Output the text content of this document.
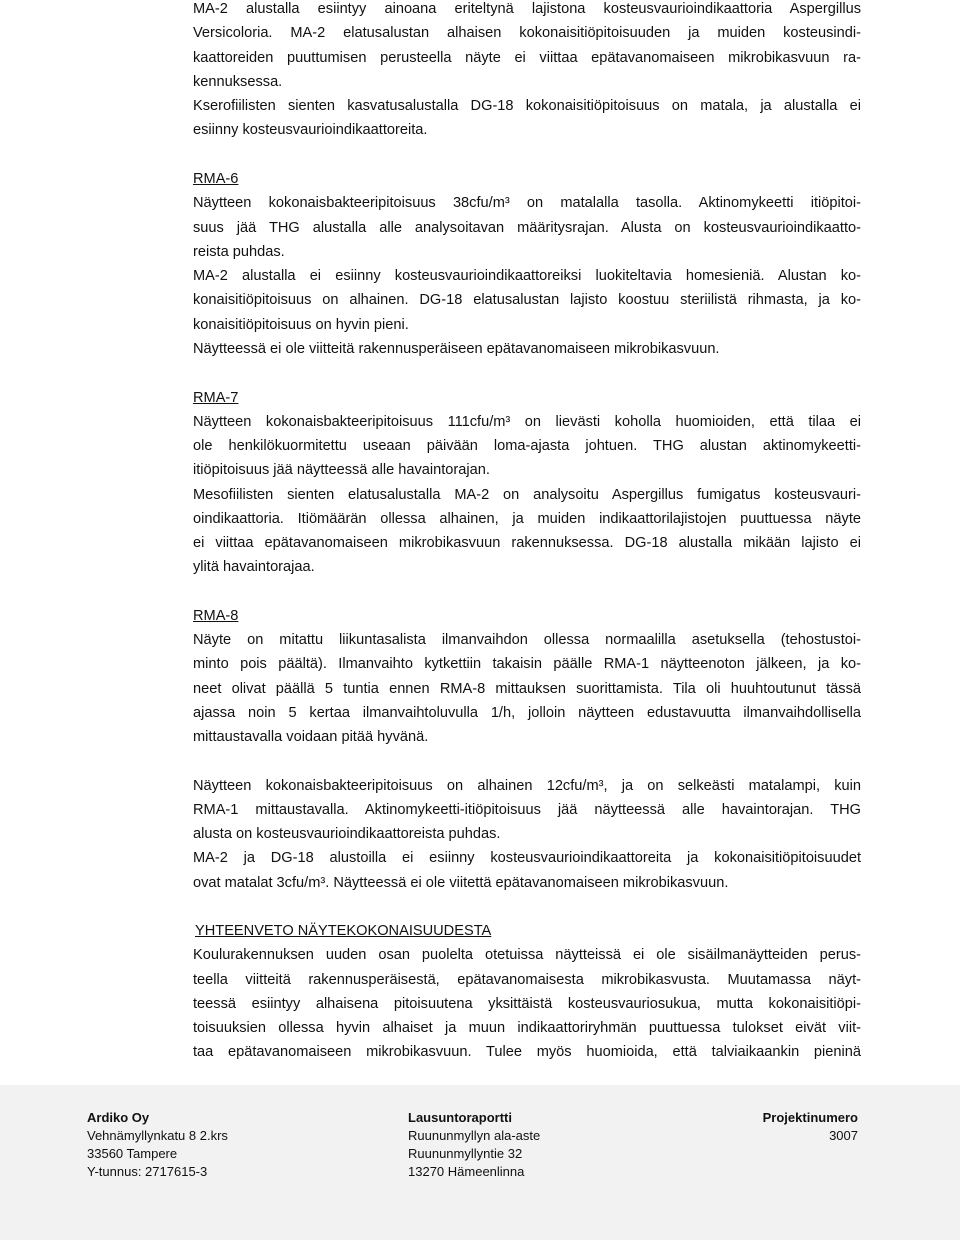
MA-2 alustalla esiintyy ainoana eriteltynä lajistona kosteusvaurioindikaattoria Aspergillus
Versicoloria. MA-2 elatusalustan alhaisen kokonaisitiöpitoisuuden ja muiden kosteusindi-
kaattoreiden puuttumisen perusteella näyte ei viittaa epätavanomaiseen mikrobikasvuun ra-
kennuksessa.
Kserofiilisten sienten kasvatusalustalla DG-18 kokonaisitiöpitoisuus on matala, ja alustalla ei
esiinny kosteusvaurioindikaattoreita.
RMA-6
Näytteen kokonaisbakteeripitoisuus 38cfu/m³ on matalalla tasolla. Aktinomykeetti itiöpitoi-
suus jää THG alustalla alle analysoitavan määritysrajan. Alusta on kosteusvaurioindikaatto-
reista puhdas.
MA-2 alustalla ei esiinny kosteusvaurioindikaattoreiksi luokiteltavia homesieniä. Alustan ko-
konaisitiöpitoisuus on alhainen. DG-18 elatusalustan lajisto koostuu steriilistä rihmasta, ja ko-
konaisitiöpitoisuus on hyvin pieni.
Näytteessä ei ole viitteitä rakennusperäiseen epätavanomaiseen mikrobikasvuun.
RMA-7
Näytteen kokonaisbakteeripitoisuus 111cfu/m³ on lievästi koholla huomioiden, että tilaa ei
ole henkilökuormitettu useaan päivään loma-ajasta johtuen. THG alustan aktinomykeetti-
itiöpitoisuus jää näytteessä alle havaintorajan.
Mesofiilisten sienten elatusalustalla MA-2 on analysoitu Aspergillus fumigatus kosteusvauri-
oindikaattoria. Itiömäärän ollessa alhainen, ja muiden indikaattorilajistojen puuttuessa näyte
ei viittaa epätavanomaiseen mikrobikasvuun rakennuksessa. DG-18 alustalla mikään lajisto ei
ylitä havaintorajaa.
RMA-8
Näyte on mitattu liikuntasalista ilmanvaihdon ollessa normaalilla asetuksella (tehostustoi-
minto pois päältä). Ilmanvaihto kytkettiin takaisin päälle RMA-1 näytteenoton jälkeen, ja ko-
neet olivat päällä 5 tuntia ennen RMA-8 mittauksen suorittamista. Tila oli huuhtoutunut tässä
ajassa noin 5 kertaa ilmanvaihtoluvulla 1/h, jolloin näytteen edustavuutta ilmanvaihdollisella
mittaustavalla voidaan pitää hyvänä.
Näytteen kokonaisbakteeripitoisuus on alhainen 12cfu/m³, ja on selkeästi matalampi, kuin
RMA-1 mittaustavalla. Aktinomykeetti-itiöpitoisuus jää näytteessä alle havaintorajan. THG
alusta on kosteusvaurioindikaattoreista puhdas.
MA-2 ja DG-18 alustoilla ei esiinny kosteusvaurioindikaattoreita ja kokonaisitiöpitoisuudet
ovat matalat 3cfu/m³. Näytteessä ei ole viitettä epätavanomaiseen mikrobikasvuun.
YHTEENVETO NÄYTEKOKONAISUUDESTA
Koulurakennuksen uuden osan puolelta otetuissa näytteissä ei ole sisäilmanäytteiden perus-
teella viitteitä rakennusperäisestä, epätavanomaisesta mikrobikasvusta. Muutamassa näyt-
teessä esiintyy alhaisena pitoisuutena yksittäistä kosteusvauriosukua, mutta kokonaisitiöpi-
toisuuksien ollessa hyvin alhaiset ja muun indikaattoriryhmän puuttuessa tulokset eivät viit-
taa epätavanomaiseen mikrobikasvuun. Tulee myös huomioida, että talviaikaankin pieninä
Ardiko Oy
Vehnämyllynkatu 8 2.krs
33560 Tampere
Y-tunnus: 2717615-3
Lausuntoraportti
Ruununmyllyn ala-aste
Ruununmyllyntie 32
13270 Hämeenlinna
Projektinumero
3007
